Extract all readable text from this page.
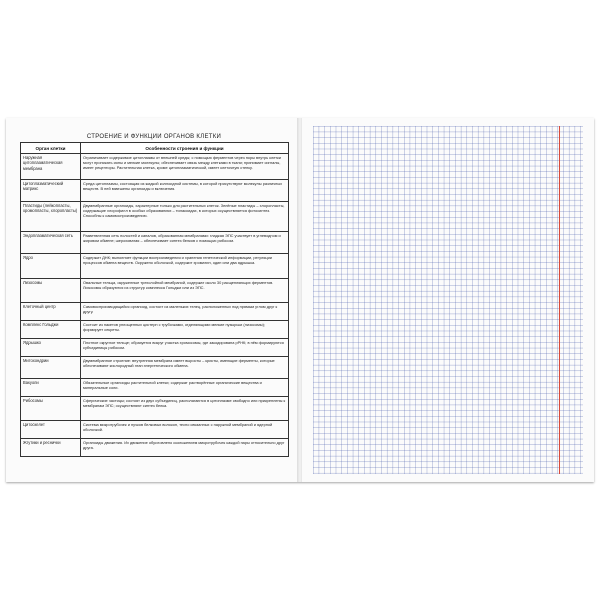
СТРОЕНИЕ И ФУНКЦИИ ОРГАНОВ КЛЕТКИ
Орган клетки	Особенности строения и функции
Наружная цитоплазматическая мембрана	Ограничивает содержимое цитоплазмы от внешней среды; с помощью ферментов через поры внутрь клетки могут проникать ионы и мелкие молекулы; обеспечивает связь между клетками в ткани; принимает сигналы, имеет рецепторы. Растительная клетка, кроме цитоплазматической, имеет клеточную стенку.
Цитоплазматический матрикс	Среда цитоплазмы, состоящая из жидкой коллоидной системы, в которой присутствуют молекулы различных веществ. В ней взвешены органоиды и включения.
Пластиды (лейкопласты, хромопласты, хлоропласты)	Двумембранные органоиды, характерные только для растительных клеток. Зелёные пластиды – хлоропласты, содержащие хлорофилл в особых образованиях – тилакоидах, в которых осуществляется фотосинтез. Способны к самовоспроизведению.
Эндоплазматическая сеть	Разветвленная сеть полостей и каналов, образованная мембранами: гладкая ЭПС участвует в углеводном и жировом обмене; шероховатая – обеспечивает синтез белков с помощью рибосом.
Ядро	Содержит ДНК; выполняет функции воспроизведения и хранения генетической информации, регуляции процессов обмена веществ. Окружено оболочкой, содержит хроматин, один или два ядрышка.
Лизосомы	Овальные тельца, окруженные трехслойной мембраной, содержат около 30 расщепляющих ферментов. Лизосомы образуются из структур комплекса Гольджи или из ЭПС.
Клеточный центр	Самовоспроизводящийся органоид, состоит из маленьких телец, расположенных под прямым углом друг к другу.
Комплекс Гольджи	Состоит из пакетов уплощенных цистерн с трубочками, отделяющими мелкие пузырьки (лизосомы); формирует секреты.
Ядрышко	Плотное округлое тельце; образуется вокруг участка хромосомы, где закодирована рРНК; в нём формируются субъединицы рибосом.
Митохондрии	Двумембранное строение: внутренняя мембрана имеет выросты – кристы, имеющие ферменты, которые обеспечивают кислородный этап энергетического обмена.
Вакуоли	Обязательные органоиды растительной клетки; содержат растворённые органические вещества и минеральные соли.
Рибосомы	Сферические частицы; состоят из двух субъединиц, располагаются в цитоплазме свободно или прикреплены к мембранам ЭПС; осуществляют синтез белка.
Цитоскелет	Система микротрубочек и пучков белковых волокон, тесно связанных с наружной мембраной и ядерной оболочкой.
Жгутики и реснички	Органоиды движения. Их движение обусловлено скольжением микротрубочек каждой пары относительно друг друга.
